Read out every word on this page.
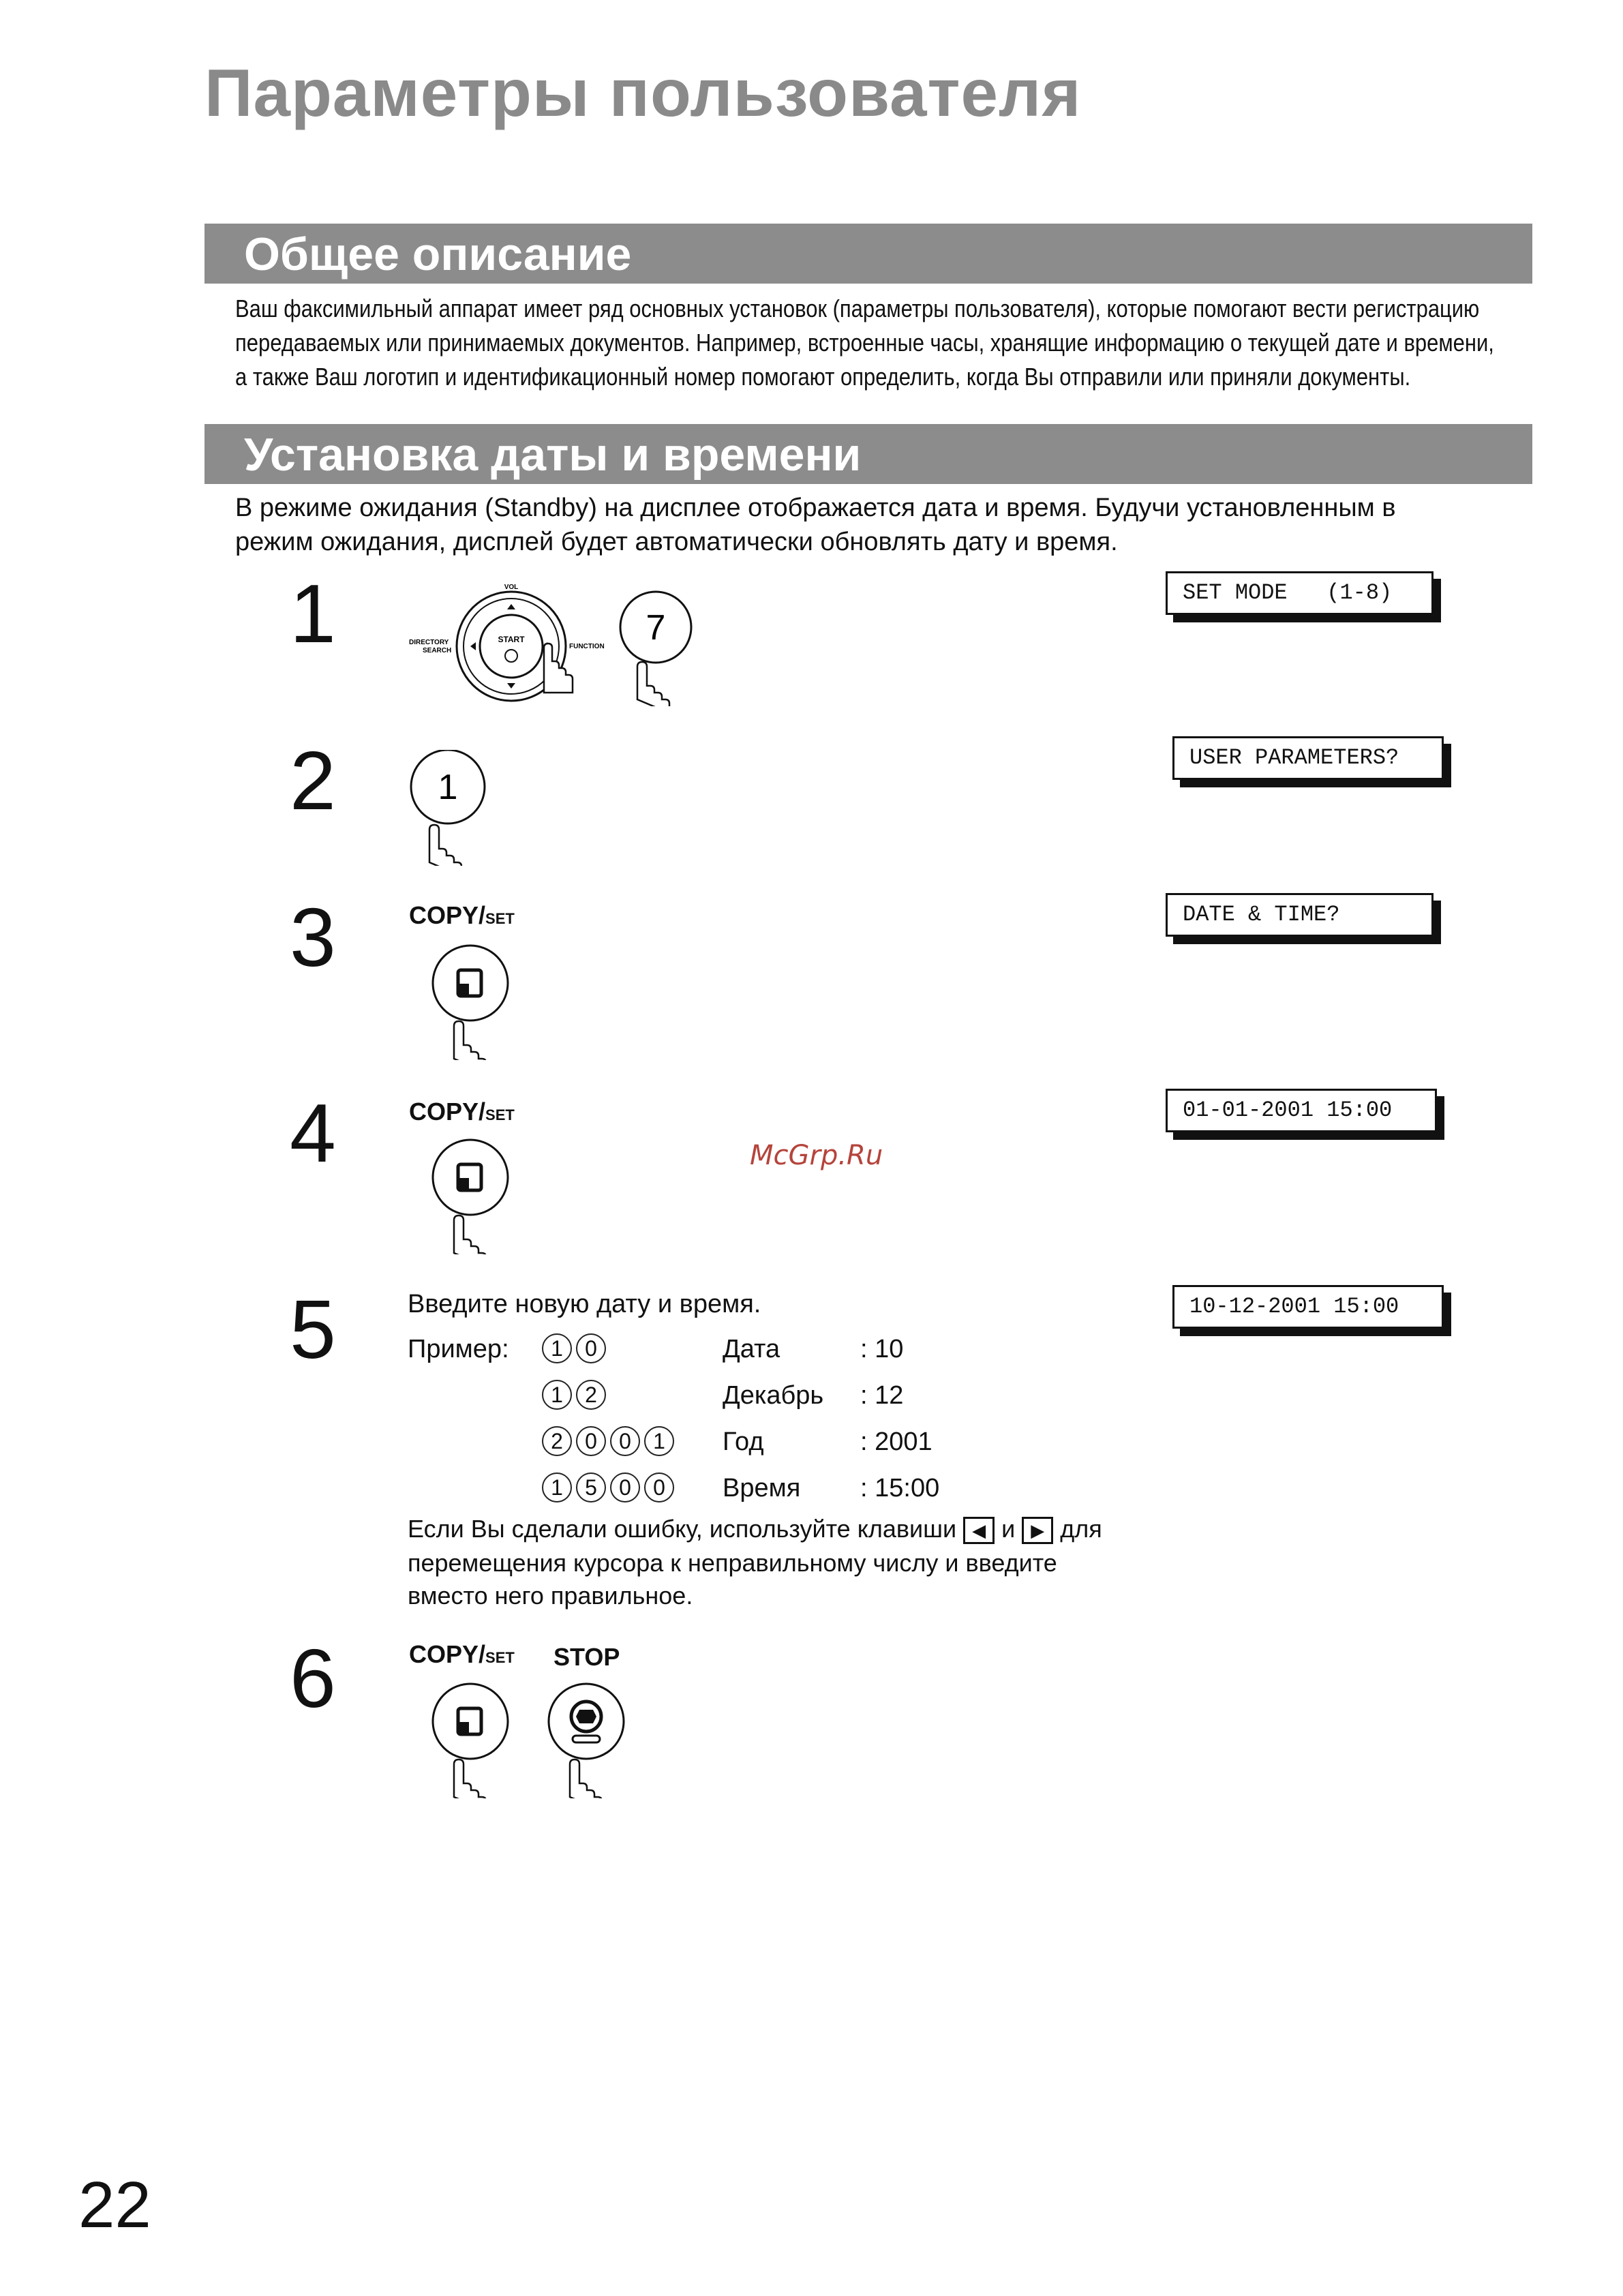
Параметры пользователя
Общее описание
Ваш факсимильный аппарат имеет ряд основных установок (параметры пользователя), которые помогают вести регистрацию
передаваемых или принимаемых документов. Например, встроенные часы, хранящие информацию о текущей дате и времени,
а также Ваш логотип и идентификационный номер помогают определить, когда Вы отправили или приняли документы.
Установка даты и времени
В режиме ожидания (Standby) на дисплее отображается дата и время. Будучи установленным в
режим ожидания, дисплей будет автоматически обновлять дату и время.
1	START
VOL
DIRECTORY
SEARCH
FUNCTION 7
SET MODE   (1-8)
2	1
USER PARAMETERS?
3	COPY/SET	DATE & TIME?
4	COPY/SET	01-01-2001 15:00
McGrp.Ru
5	Введите новую дату и время.
Пример:	1 0	Дата	: 10
1 2	Декабрь : 12
2 0 0 1	Год	: 2001
1 5 0 0	Время : 15:00
Если Вы сделали ошибку, используйте клавиши ◀ и ▶ для
перемещения курсора к неправильному числу и введите
вместо него правильное.
10-12-2001 15:00
6	COPY/SET STOP
22
